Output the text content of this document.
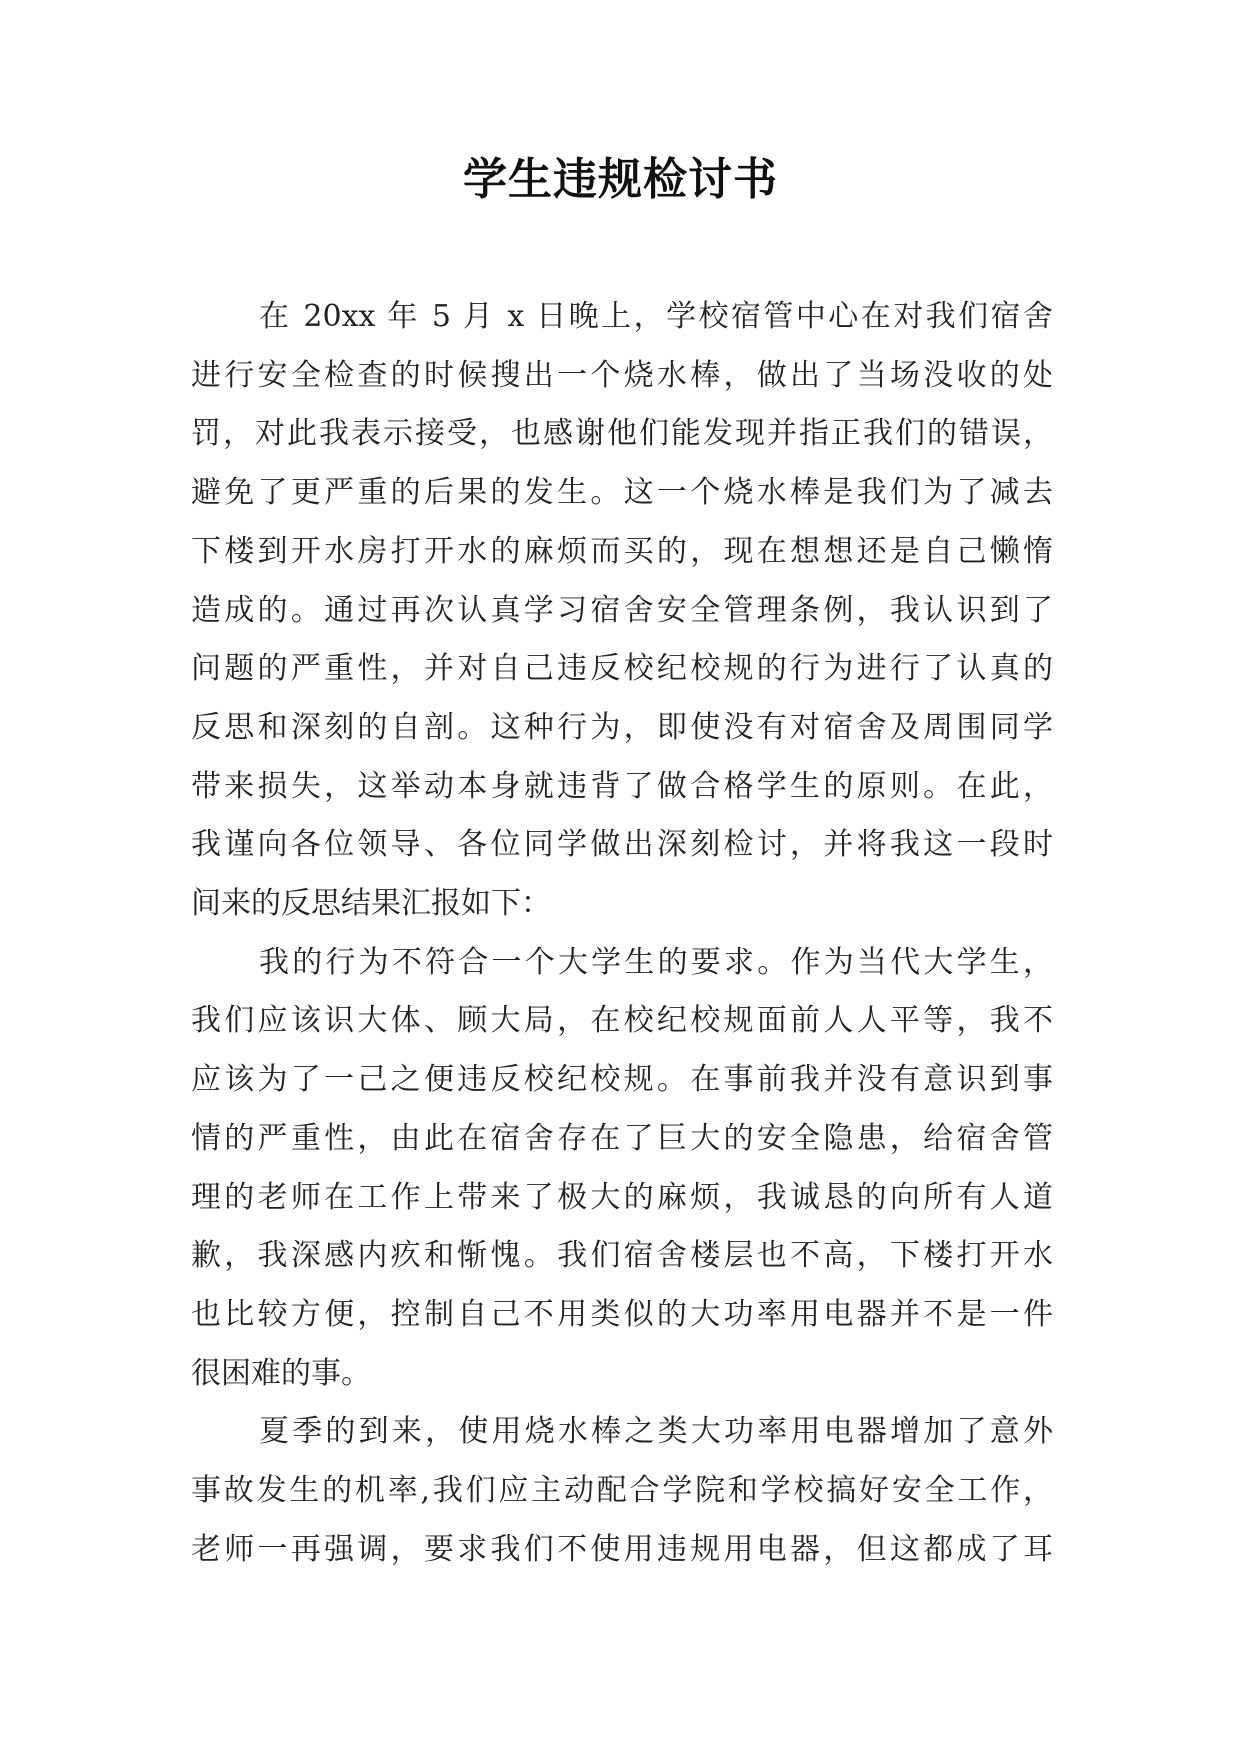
学生违规检讨书
在 20xx 年 5 月 x 日晚上，学校宿管中心在对我们宿舍
进行安全检查的时候搜出一个烧水棒，做出了当场没收的处
罚，对此我表示接受，也感谢他们能发现并指正我们的错误，
避免了更严重的后果的发生。这一个烧水棒是我们为了减去
下楼到开水房打开水的麻烦而买的，现在想想还是自己懒惰
造成的。通过再次认真学习宿舍安全管理条例，我认识到了
问题的严重性，并对自己违反校纪校规的行为进行了认真的
反思和深刻的自剖。这种行为，即使没有对宿舍及周围同学
带来损失，这举动本身就违背了做合格学生的原则。在此，
我谨向各位领导、各位同学做出深刻检讨，并将我这一段时
间来的反思结果汇报如下：
我的行为不符合一个大学生的要求。作为当代大学生，
我们应该识大体、顾大局，在校纪校规面前人人平等，我不
应该为了一己之便违反校纪校规。在事前我并没有意识到事
情的严重性，由此在宿舍存在了巨大的安全隐患，给宿舍管
理的老师在工作上带来了极大的麻烦，我诚恳的向所有人道
歉，我深感内疚和惭愧。我们宿舍楼层也不高，下楼打开水
也比较方便，控制自己不用类似的大功率用电器并不是一件
很困难的事。
夏季的到来，使用烧水棒之类大功率用电器增加了意外
事故发生的机率,我们应主动配合学院和学校搞好安全工作，
老师一再强调，要求我们不使用违规用电器，但这都成了耳
